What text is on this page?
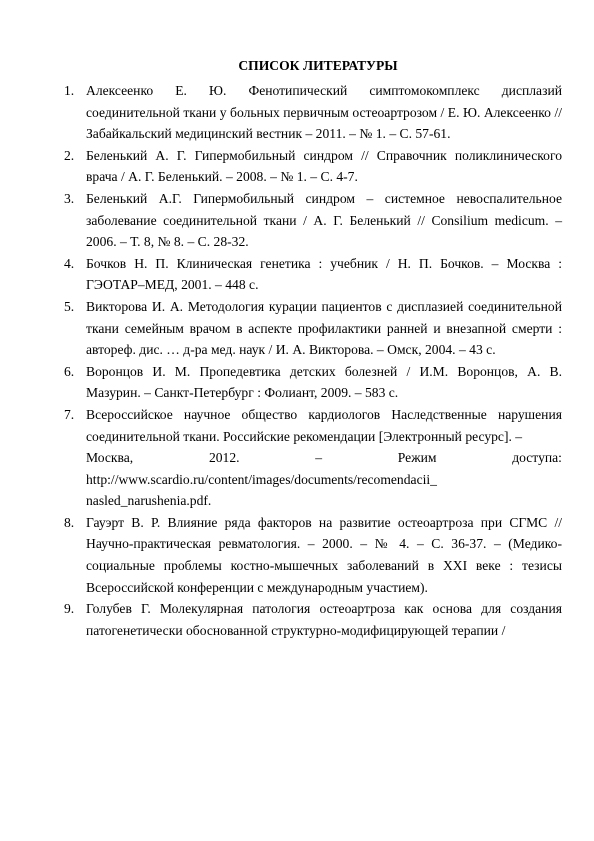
СПИСОК ЛИТЕРАТУРЫ
1. Алексеенко Е. Ю. Фенотипический симптомокомплекс дисплазий соединительной ткани у больных первичным остеоартрозом / Е. Ю. Алексеенко // Забайкальский медицинский вестник – 2011. – № 1. – С. 57-61.
2. Беленький А. Г. Гипермобильный синдром // Справочник поликлинического врача / А. Г. Беленький. – 2008. – № 1. – С. 4-7.
3. Беленький А.Г. Гипермобильный синдром – системное невоспалительное заболевание соединительной ткани / А. Г. Беленький // Consilium medicum. – 2006. – Т. 8, № 8. – С. 28-32.
4. Бочков Н. П. Клиническая генетика : учебник / Н. П. Бочков. – Москва : ГЭОТАР–МЕД, 2001. – 448 с.
5. Викторова И. А. Методология курации пациентов с дисплазией соединительной ткани семейным врачом в аспекте профилактики ранней и внезапной смерти : автореф. дис. … д-ра мед. наук / И. А. Викторова. – Омск, 2004. – 43 с.
6. Воронцов И. М. Пропедевтика детских болезней / И.М. Воронцов, А. В. Мазурин. – Санкт-Петербург : Фолиант, 2009. – 583 с.
7. Всероссийское научное общество кардиологов Наследственные нарушения соединительной ткани. Российские рекомендации [Электронный ресурс]. –
Москва,	2012.	–	Режим	доступа:
http://www.scardio.ru/content/images/documents/recomendacii_
nasled_narushenia.pdf.
8. Гауэрт В. Р. Влияние ряда факторов на развитие остеоартроза при СГМС // Научно-практическая ревматология. – 2000. – № 4. – С. 36-37. – (Медико-социальные проблемы костно-мышечных заболеваний в XXI веке : тезисы Всероссийской конференции с международным участием).
9. Голубев Г. Молекулярная патология остеоартроза как основа для создания патогенетически обоснованной структурно-модифицирующей терапии /
